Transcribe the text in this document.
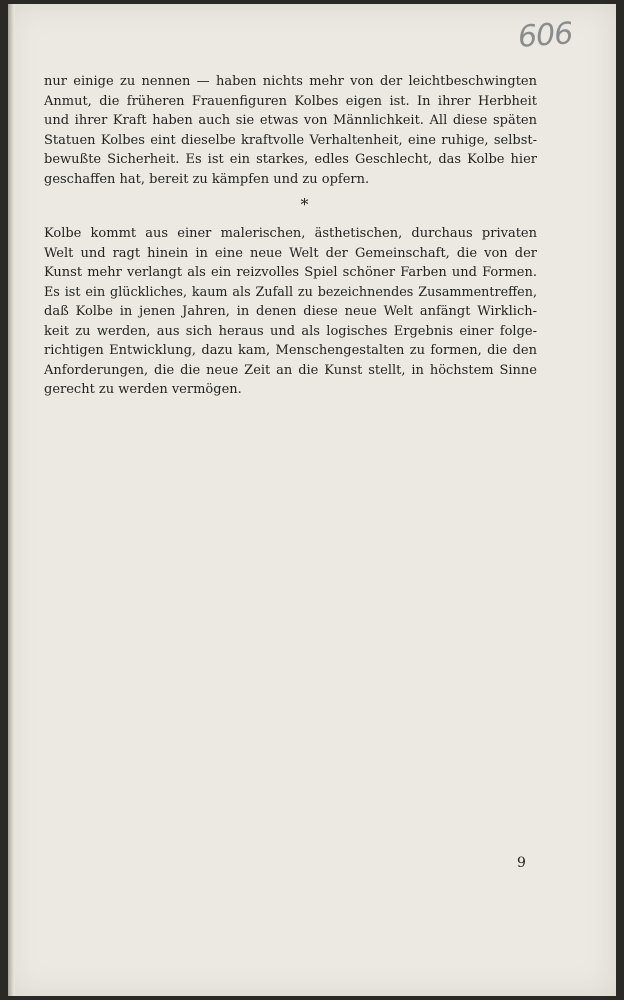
606
nur einige zu nennen — haben nichts mehr von der leichtbeschwingten
Anmut, die früheren Frauenfiguren Kolbes eigen ist. In ihrer Herbheit
und ihrer Kraft haben auch sie etwas von Männlichkeit. All diese späten
Statuen Kolbes eint dieselbe kraftvolle Verhaltenheit, eine ruhige, selbst-
bewußte Sicherheit. Es ist ein starkes, edles Geschlecht, das Kolbe hier
geschaffen hat, bereit zu kämpfen und zu opfern.
*
Kolbe kommt aus einer malerischen, ästhetischen, durchaus privaten
Welt und ragt hinein in eine neue Welt der Gemeinschaft, die von der
Kunst mehr verlangt als ein reizvolles Spiel schöner Farben und Formen.
Es ist ein glückliches, kaum als Zufall zu bezeichnendes Zusammentreffen,
daß Kolbe in jenen Jahren, in denen diese neue Welt anfängt Wirklich-
keit zu werden, aus sich heraus und als logisches Ergebnis einer folge-
richtigen Entwicklung, dazu kam, Menschengestalten zu formen, die den
Anforderungen, die die neue Zeit an die Kunst stellt, in höchstem Sinne
gerecht zu werden vermögen.
9
